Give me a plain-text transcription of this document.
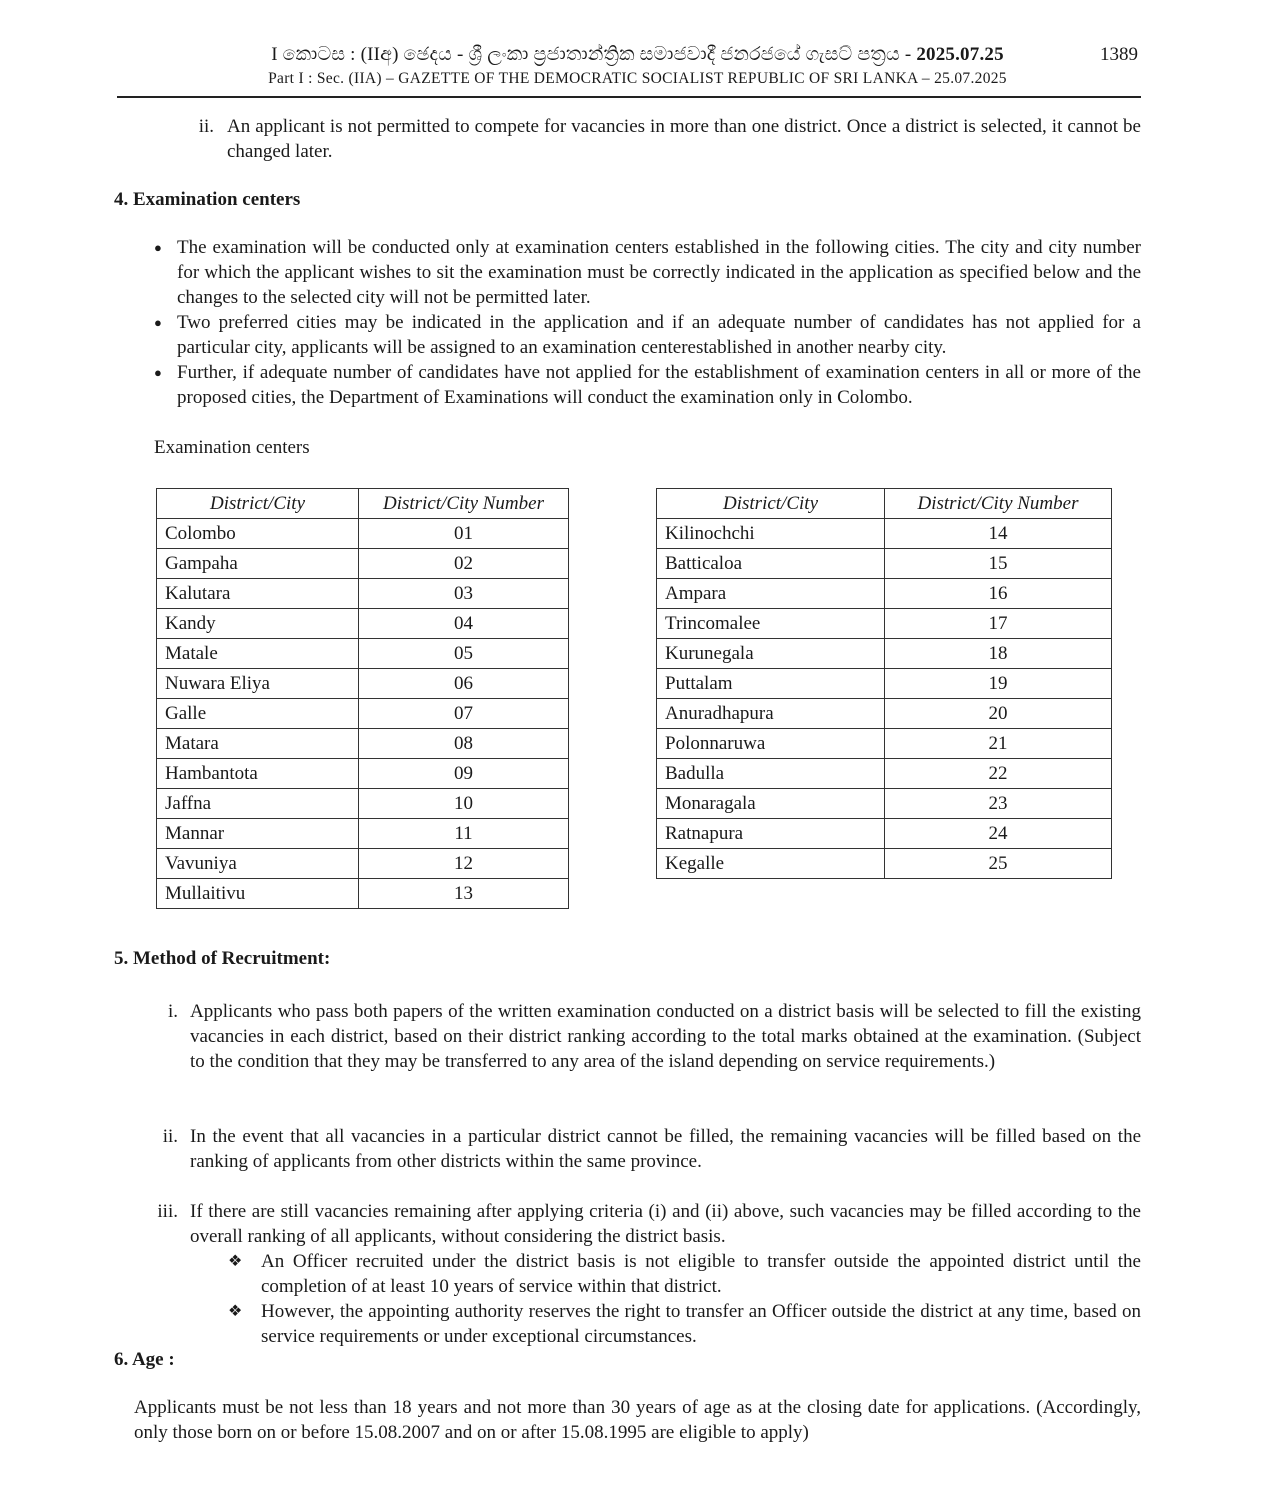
I කොටස : (IIඅ) ඡෙදය - ශ්‍රී ලංකා ප්‍රජාතාන්ත්‍රික සමාජවාදී ජනරජයේ ගැසට් පත්‍රය - 2025.07.25	1389
Part I : Sec. (IIA) – GAZETTE OF THE DEMOCRATIC SOCIALIST REPUBLIC OF SRI LANKA – 25.07.2025
ii. An applicant is not permitted to compete for vacancies in more than one district. Once a district is selected, it cannot be changed later.
4. Examination centers
● The examination will be conducted only at examination centers established in the following cities. The city and city number for which the applicant wishes to sit the examination must be correctly indicated in the application as specified below and the changes to the selected city will not be permitted later.
● Two preferred cities may be indicated in the application and if an adequate number of candidates has not applied for a particular city, applicants will be assigned to an examination centerestablished in another nearby city.
● Further, if adequate number of candidates have not applied for the establishment of examination centers in all or more of the proposed cities, the Department of Examinations will conduct the examination only in Colombo.
Examination centers
District/City	District/City Number
Colombo	01
Gampaha	02
Kalutara	03
Kandy	04
Matale	05
Nuwara Eliya	06
Galle	07
Matara	08
Hambantota	09
Jaffna	10
Mannar	11
Vavuniya	12
Mullaitivu	13
District/City	District/City Number
Kilinochchi	14
Batticaloa	15
Ampara	16
Trincomalee	17
Kurunegala	18
Puttalam	19
Anuradhapura	20
Polonnaruwa	21
Badulla	22
Monaragala	23
Ratnapura	24
Kegalle	25
5. Method of Recruitment:
i. Applicants who pass both papers of the written examination conducted on a district basis will be selected to fill the existing vacancies in each district, based on their district ranking according to the total marks obtained at the examination. (Subject to the condition that they may be transferred to any area of the island depending on service requirements.)
ii. In the event that all vacancies in a particular district cannot be filled, the remaining vacancies will be filled based on the ranking of applicants from other districts within the same province.
iii. If there are still vacancies remaining after applying criteria (i) and (ii) above, such vacancies may be filled according to the overall ranking of all applicants, without considering the district basis.
❖ An Officer recruited under the district basis is not eligible to transfer outside the appointed district until the completion of at least 10 years of service within that district.
❖ However, the appointing authority reserves the right to transfer an Officer outside the district at any time, based on service requirements or under exceptional circumstances.
6. Age :
Applicants must be not less than 18 years and not more than 30 years of age as at the closing date for applications. (Accordingly, only those born on or before 15.08.2007 and on or after 15.08.1995 are eligible to apply)
